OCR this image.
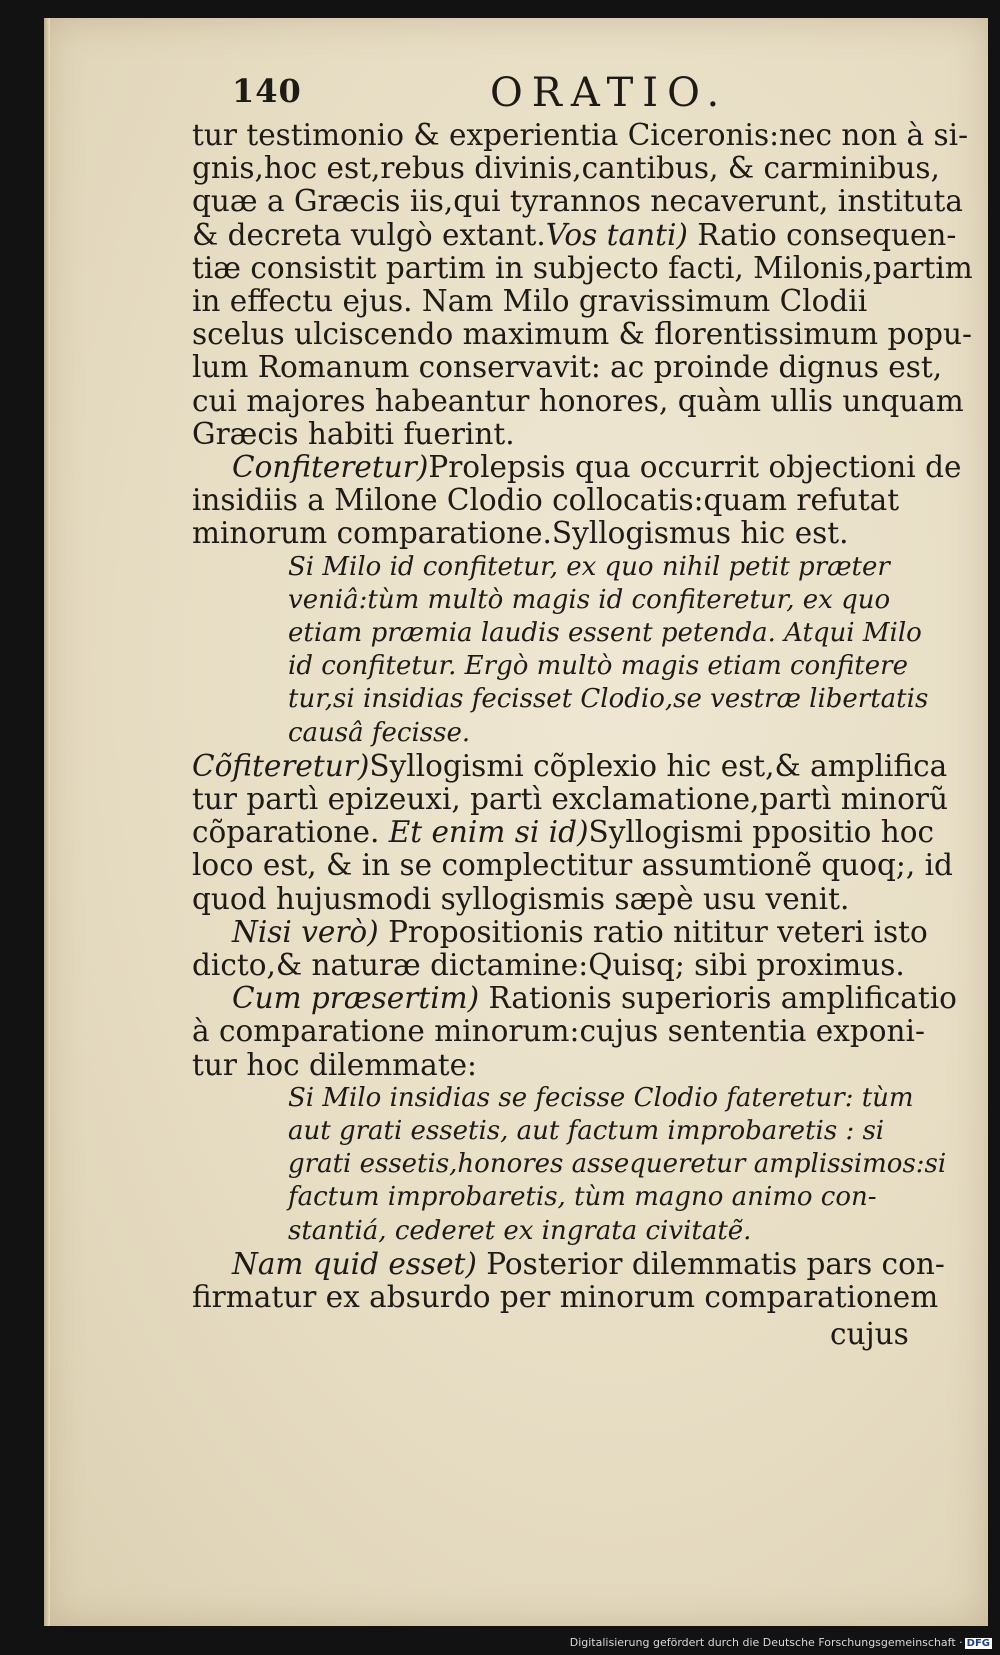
140	ORATIO.
tur testimonio & experientia Ciceronis:nec non à si-
gnis,hoc est,rebus divinis,cantibus, & carminibus,
quæ a Græcis iis,qui tyrannos necaverunt, instituta
& decreta vulgò extant.Vos tanti) Ratio consequen-
tiæ consistit partim in subjecto facti, Milonis,partim
in effectu ejus. Nam Milo gravissimum Clodii
scelus ulciscendo maximum & florentissimum popu-
lum Romanum conservavit: ac proinde dignus est,
cui majores habeantur honores, quàm ullis unquam
Græcis habiti fuerint.
Confiteretur)Prolepsis qua occurrit objectioni de
insidiis a Milone Clodio collocatis:quam refutat
minorum comparatione.Syllogismus hic est.
Si Milo id confitetur, ex quo nihil petit præter
veniâ:tùm multò magis id confiteretur, ex quo
etiam præmia laudis essent petenda. Atqui Milo
id confitetur. Ergò multò magis etiam confitere
tur,si insidias fecisset Clodio,se vestræ libertatis
causâ fecisse.
Cõfiteretur)Syllogismi cõplexio hic est,& amplifica
tur partì epizeuxi, partì exclamatione,partì minorũ
cõparatione. Et enim si id)Syllogismi ppositio hoc
loco est, & in se complectitur assumtionẽ quoq;, id
quod hujusmodi syllogismis sæpè usu venit.
Nisi verò) Propositionis ratio nititur veteri isto
dicto,& naturæ dictamine:Quisq; sibi proximus.
Cum præsertim) Rationis superioris amplificatio
à comparatione minorum:cujus sententia exponi-
tur hoc dilemmate:
Si Milo insidias se fecisse Clodio fateretur: tùm
aut grati essetis, aut factum improbaretis : si
grati essetis,honores assequeretur amplissimos:si
factum improbaretis, tùm magno animo con-
stantiá, cederet ex ingrata civitatẽ.
Nam quid esset) Posterior dilemmatis pars con-
firmatur ex absurdo per minorum comparationem
cujus
Digitalisierung gefördert durch die Deutsche Forschungsgemeinschaft · DFG
